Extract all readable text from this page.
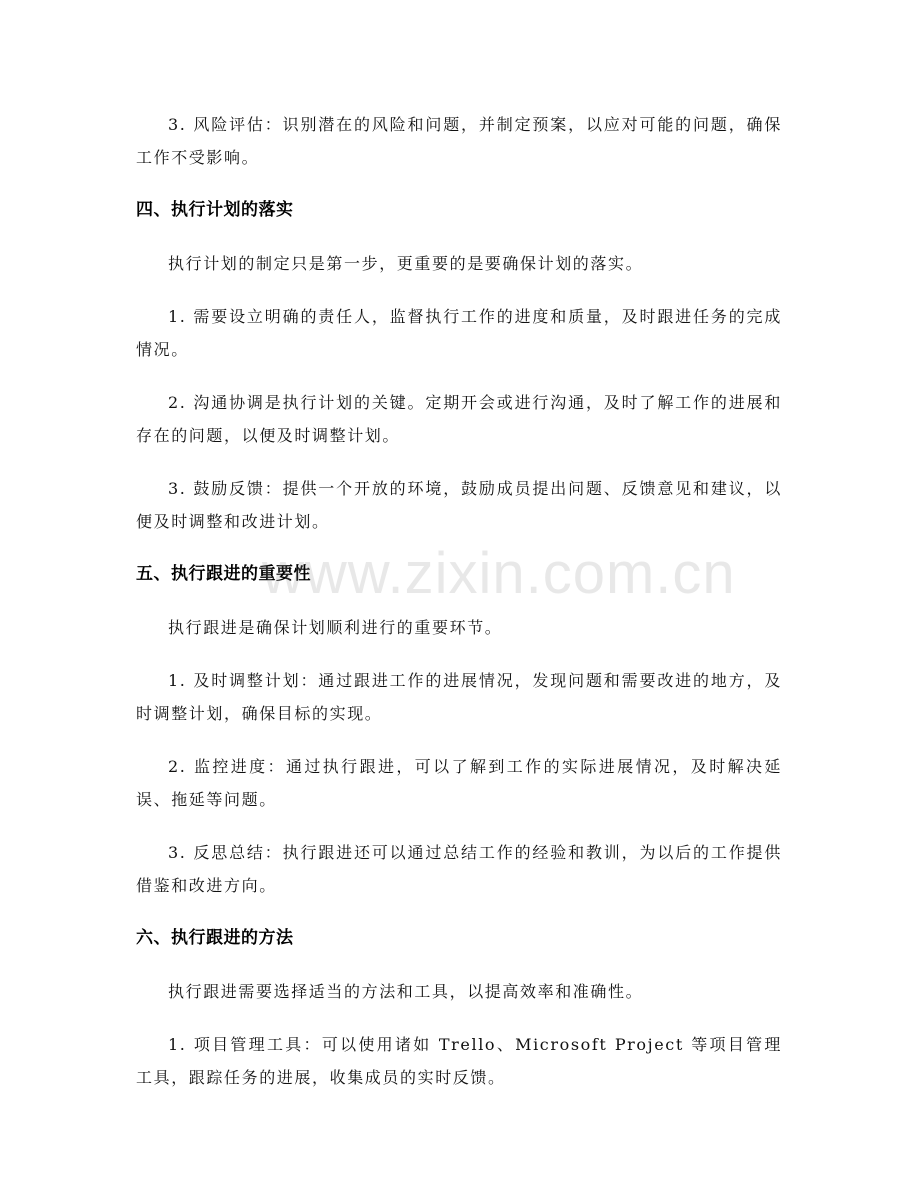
3. 风险评估：识别潜在的风险和问题，并制定预案，以应对可能的问题，确保工作不受影响。

四、执行计划的落实

执行计划的制定只是第一步，更重要的是要确保计划的落实。

1. 需要设立明确的责任人，监督执行工作的进度和质量，及时跟进任务的完成情况。

2. 沟通协调是执行计划的关键。定期开会或进行沟通，及时了解工作的进展和存在的问题，以便及时调整计划。

3. 鼓励反馈：提供一个开放的环境，鼓励成员提出问题、反馈意见和建议，以便及时调整和改进计划。

五、执行跟进的重要性

执行跟进是确保计划顺利进行的重要环节。

1. 及时调整计划：通过跟进工作的进展情况，发现问题和需要改进的地方，及时调整计划，确保目标的实现。

2. 监控进度：通过执行跟进，可以了解到工作的实际进展情况，及时解决延误、拖延等问题。

3. 反思总结：执行跟进还可以通过总结工作的经验和教训，为以后的工作提供借鉴和改进方向。

六、执行跟进的方法

执行跟进需要选择适当的方法和工具，以提高效率和准确性。

1. 项目管理工具：可以使用诸如 Trello、Microsoft Project 等项目管理工具，跟踪任务的进展，收集成员的实时反馈。

www.zixin.com.cn
